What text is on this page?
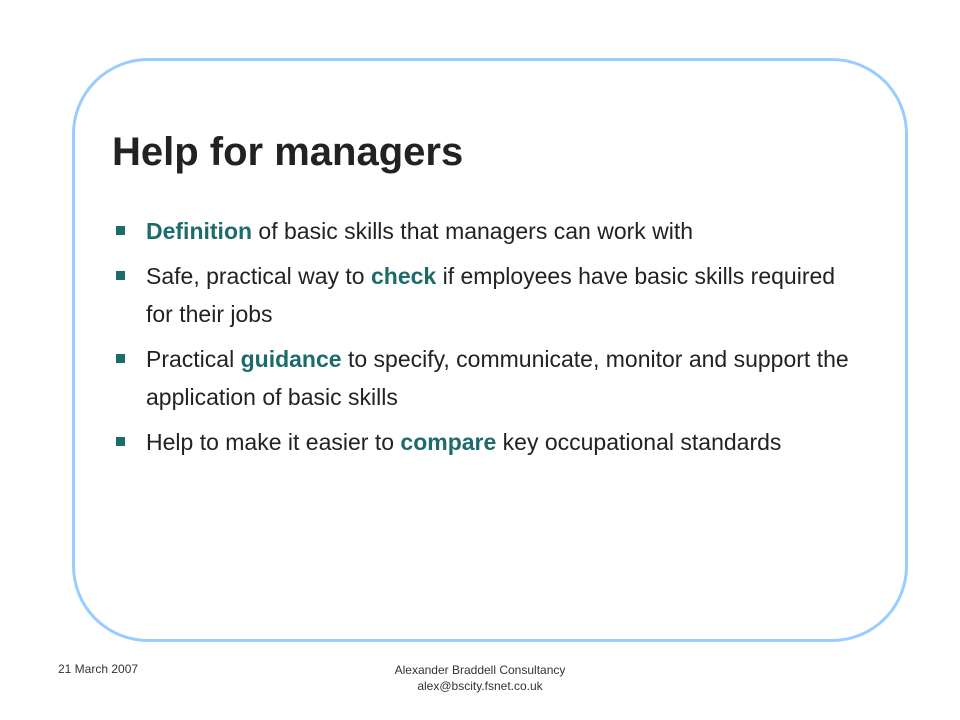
Help for managers
Definition of basic skills that managers can work with
Safe, practical way to check if employees have basic skills required for their jobs
Practical guidance to specify, communicate, monitor and support the application of basic skills
Help to make it easier to compare key occupational standards
21 March 2007	Alexander Braddell Consultancy
alex@bscity.fsnet.co.uk
